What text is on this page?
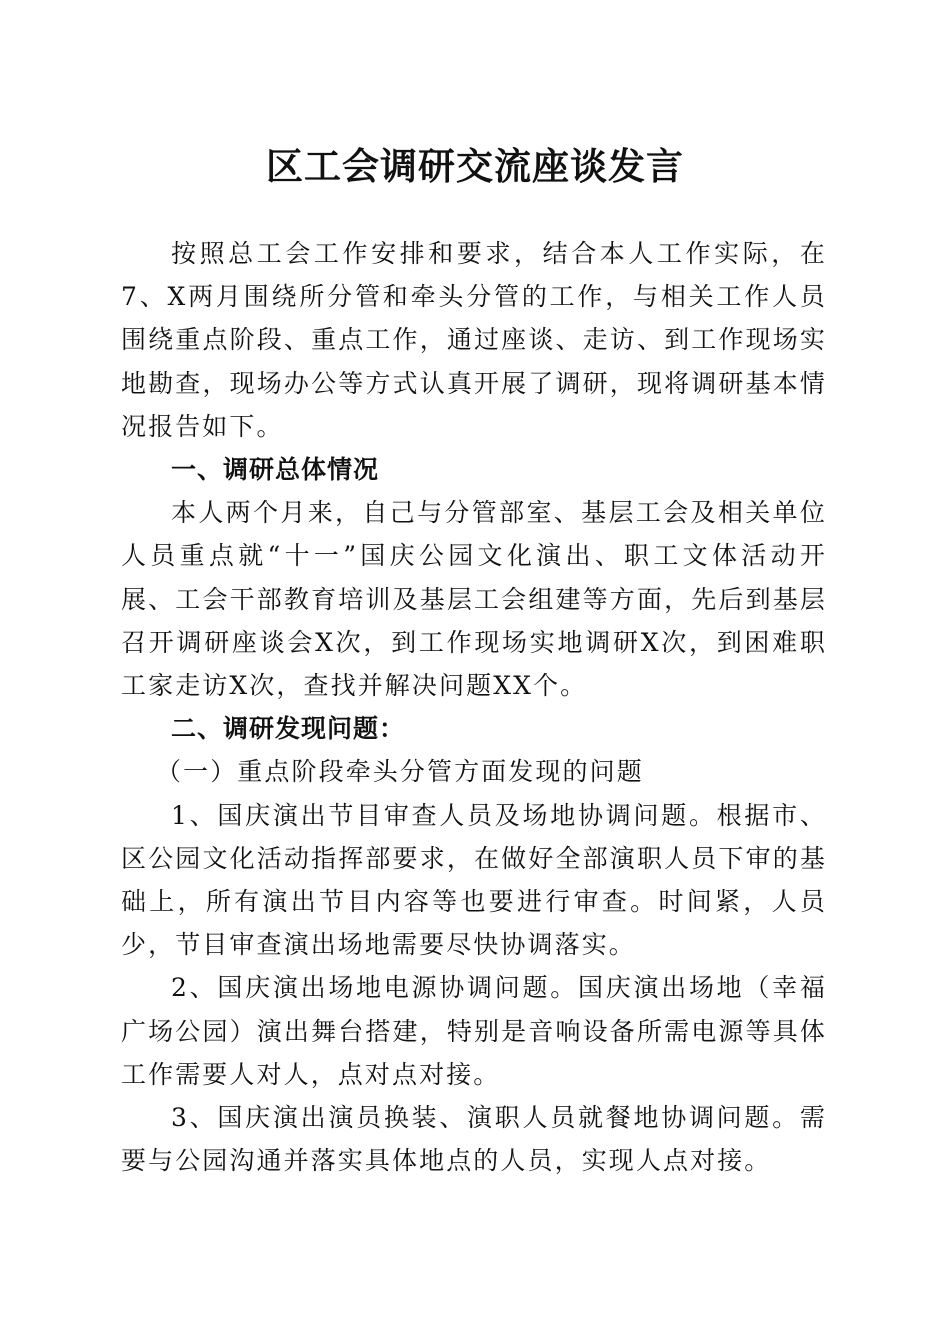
区工会调研交流座谈发言

按照总工会工作安排和要求，结合本人工作实际，在7、X两月围绕所分管和牵头分管的工作，与相关工作人员围绕重点阶段、重点工作，通过座谈、走访、到工作现场实地勘查，现场办公等方式认真开展了调研，现将调研基本情况报告如下。

一、调研总体情况

本人两个月来，自己与分管部室、基层工会及相关单位人员重点就“十一”国庆公园文化演出、职工文体活动开展、工会干部教育培训及基层工会组建等方面，先后到基层召开调研座谈会X次，到工作现场实地调研X次，到困难职工家走访X次，查找并解决问题XX个。

二、调研发现问题：

（一）重点阶段牵头分管方面发现的问题

1、国庆演出节目审查人员及场地协调问题。根据市、区公园文化活动指挥部要求，在做好全部演职人员下审的基础上，所有演出节目内容等也要进行审查。时间紧，人员少，节目审查演出场地需要尽快协调落实。

2、国庆演出场地电源协调问题。国庆演出场地（幸福广场公园）演出舞台搭建，特别是音响设备所需电源等具体工作需要人对人，点对点对接。

3、国庆演出演员换装、演职人员就餐地协调问题。需要与公园沟通并落实具体地点的人员，实现人点对接。
